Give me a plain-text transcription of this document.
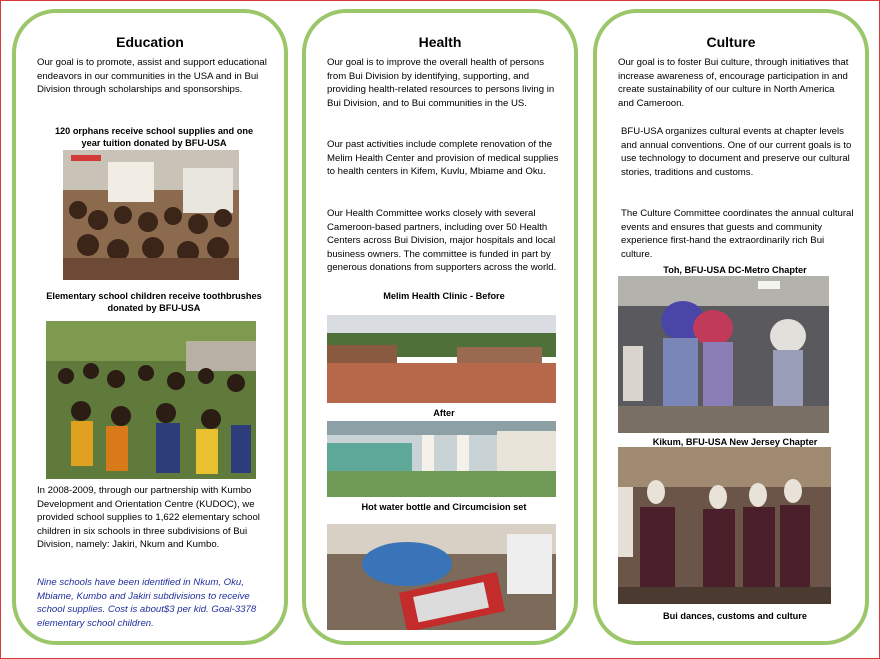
Education
Our goal is to promote, assist and support educational endeavors in our communities in the USA and in Bui Division through scholarships and sponsorships.
120 orphans receive school supplies and one year tuition donated by BFU-USA
Elementary school children receive toothbrushes donated by BFU-USA
In 2008-2009, through our partnership with Kumbo Development and Orientation Centre (KUDOC), we provided school supplies to 1,622 elementary school children in six schools in three subdivisions of Bui Division, namely: Jakiri, Nkum and Kumbo.
Nine schools have been identified in Nkum, Oku, Mbiame, Kumbo and Jakiri subdivisions to receive school supplies. Cost is about$3 per kid. Goal-3378 elementary school children.
Health
Our goal is to improve the overall health of persons from Bui Division by identifying, supporting, and providing health-related resources to persons living in Bui Division, and to Bui communities in the US.
Our past activities include complete renovation of the Melim Health Center and provision of medical supplies to health centers in Kifem, Kuvlu, Mbiame and Oku.
Our Health Committee works closely with several Cameroon-based partners, including over 50 Health Centers across Bui Division, major hospitals and local business owners. The committee is funded in part by generous donations from supporters across the world.
Melim Health Clinic - Before
After
Hot water bottle and Circumcision set
Culture
Our goal is to foster Bui culture, through initiatives that increase awareness of, encourage participation in and create sustainability of our culture in North America and Cameroon.
BFU-USA organizes cultural events at chapter levels and annual conventions. One of our current goals is to use technology to document and preserve our cultural stories, traditions and customs.
The Culture Committee coordinates the annual cultural events and ensures that guests and community experience first-hand the extraordinarily rich Bui culture.
Toh, BFU-USA DC-Metro Chapter
Kikum, BFU-USA New Jersey Chapter
Bui dances, customs and culture
